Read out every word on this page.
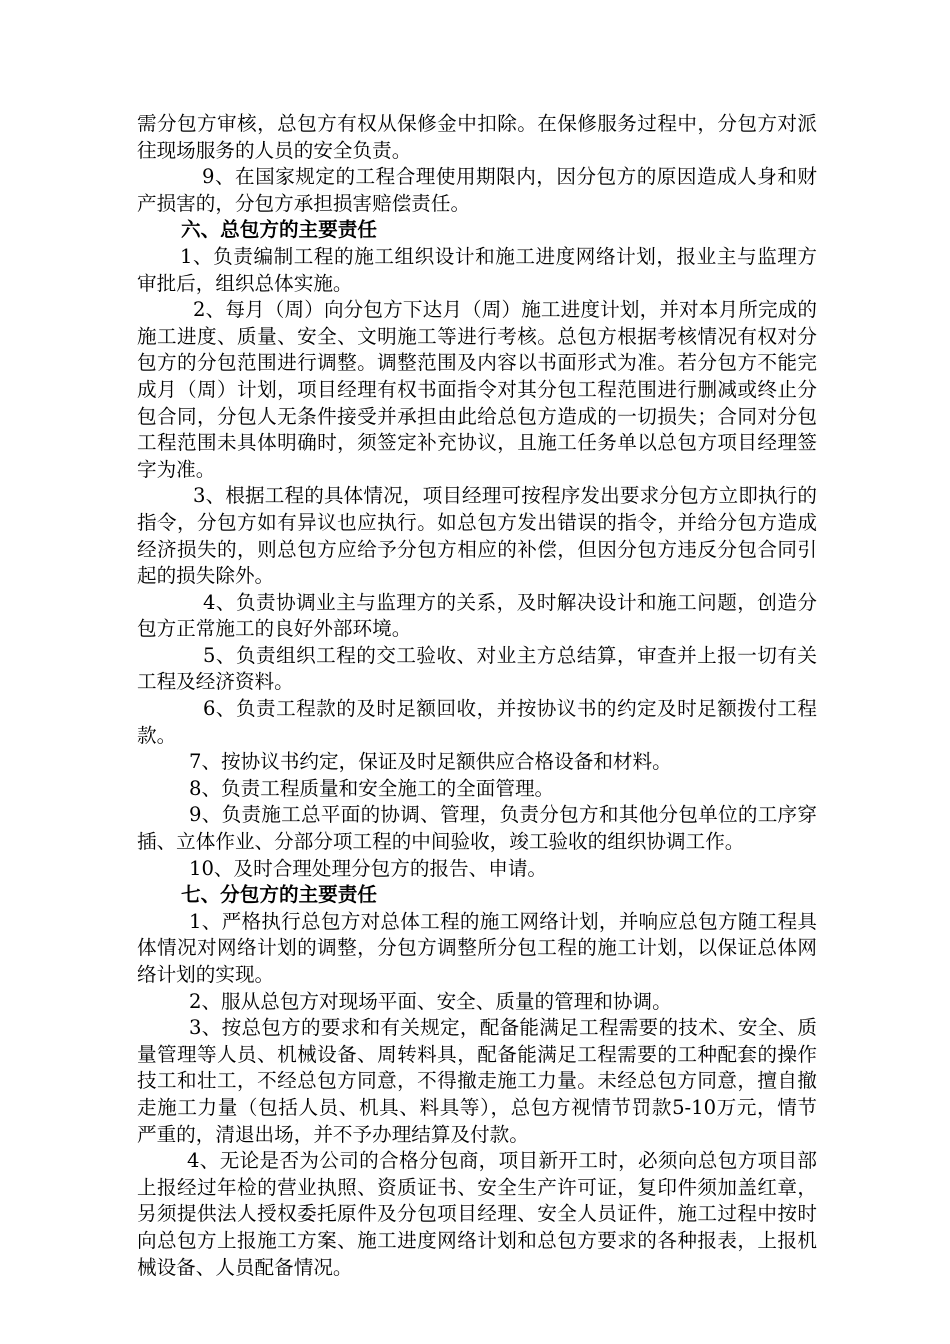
需分包方审核，总包方有权从保修金中扣除。在保修服务过程中，分包方对派往现场服务的人员的安全负责。

9、在国家规定的工程合理使用期限内，因分包方的原因造成人身和财产损害的，分包方承担损害赔偿责任。

六、总包方的主要责任

1、负责编制工程的施工组织设计和施工进度网络计划，报业主与监理方审批后，组织总体实施。

2、每月（周）向分包方下达月（周）施工进度计划，并对本月所完成的施工进度、质量、安全、文明施工等进行考核。总包方根据考核情况有权对分包方的分包范围进行调整。调整范围及内容以书面形式为准。若分包方不能完成月（周）计划，项目经理有权书面指令对其分包工程范围进行删减或终止分包合同，分包人无条件接受并承担由此给总包方造成的一切损失；合同对分包工程范围未具体明确时，须签定补充协议，且施工任务单以总包方项目经理签字为准。

3、根据工程的具体情况，项目经理可按程序发出要求分包方立即执行的指令，分包方如有异议也应执行。如总包方发出错误的指令，并给分包方造成经济损失的，则总包方应给予分包方相应的补偿，但因分包方违反分包合同引起的损失除外。

4、负责协调业主与监理方的关系，及时解决设计和施工问题，创造分包方正常施工的良好外部环境。

5、负责组织工程的交工验收、对业主方总结算，审查并上报一切有关工程及经济资料。

6、负责工程款的及时足额回收，并按协议书的约定及时足额拨付工程款。

7、按协议书约定，保证及时足额供应合格设备和材料。

8、负责工程质量和安全施工的全面管理。

9、负责施工总平面的协调、管理，负责分包方和其他分包单位的工序穿插、立体作业、分部分项工程的中间验收，竣工验收的组织协调工作。

10、及时合理处理分包方的报告、申请。

七、分包方的主要责任

1、严格执行总包方对总体工程的施工网络计划，并响应总包方随工程具体情况对网络计划的调整，分包方调整所分包工程的施工计划，以保证总体网络计划的实现。

2、服从总包方对现场平面、安全、质量的管理和协调。

3、按总包方的要求和有关规定，配备能满足工程需要的技术、安全、质量管理等人员、机械设备、周转料具，配备能满足工程需要的工种配套的操作技工和壮工，不经总包方同意，不得撤走施工力量。未经总包方同意，擅自撤走施工力量（包括人员、机具、料具等），总包方视情节罚款5-10万元，情节严重的，清退出场，并不予办理结算及付款。

4、无论是否为公司的合格分包商，项目新开工时，必须向总包方项目部上报经过年检的营业执照、资质证书、安全生产许可证，复印件须加盖红章，另须提供法人授权委托原件及分包项目经理、安全人员证件，施工过程中按时向总包方上报施工方案、施工进度网络计划和总包方要求的各种报表，上报机械设备、人员配备情况。
